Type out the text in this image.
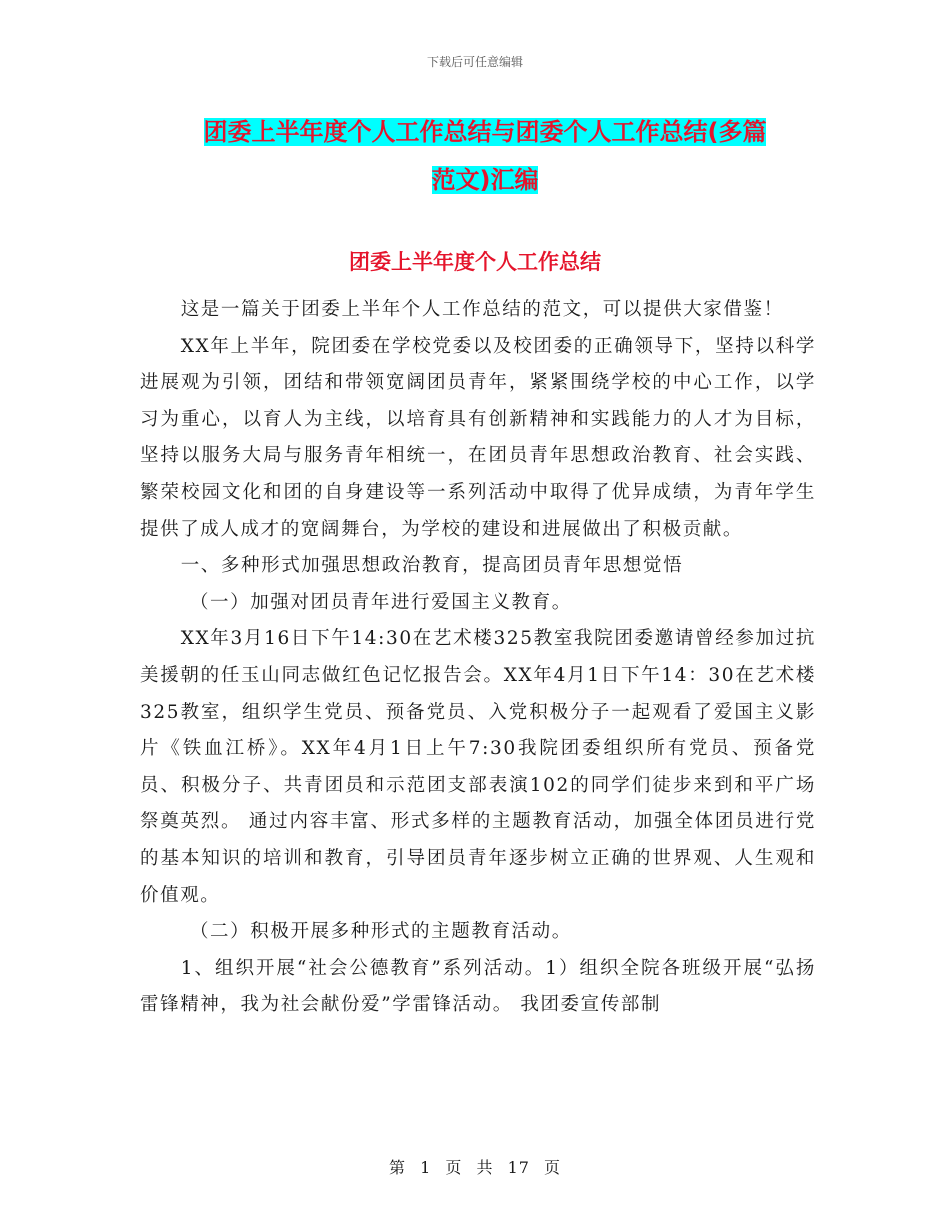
下载后可任意编辑
团委上半年度个人工作总结与团委个人工作总结(多篇
范文)汇编
团委上半年度个人工作总结

这是一篇关于团委上半年个人工作总结的范文，可以提供大家借鉴！

XX年上半年，院团委在学校党委以及校团委的正确领导下，坚持以科学进展观为引领，团结和带领宽阔团员青年，紧紧围绕学校的中心工作，以学习为重心，以育人为主线，以培育具有创新精神和实践能力的人才为目标，坚持以服务大局与服务青年相统一，在团员青年思想政治教育、社会实践、繁荣校园文化和团的自身建设等一系列活动中取得了优异成绩，为青年学生提供了成人成才的宽阔舞台，为学校的建设和进展做出了积极贡献。

一、多种形式加强思想政治教育，提高团员青年思想觉悟

（一）加强对团员青年进行爱国主义教育。

XX年3月16日下午14:30在艺术楼325教室我院团委邀请曾经参加过抗美援朝的任玉山同志做红色记忆报告会。XX年4月1日下午14：30在艺术楼325教室，组织学生党员、预备党员、入党积极分子一起观看了爱国主义影片《铁血江桥》。XX年4月1日上午7:30我院团委组织所有党员、预备党员、积极分子、共青团员和示范团支部表演102的同学们徒步来到和平广场祭奠英烈。 通过内容丰富、形式多样的主题教育活动，加强全体团员进行党的基本知识的培训和教育，引导团员青年逐步树立正确的世界观、人生观和价值观。

（二）积极开展多种形式的主题教育活动。

1、组织开展“社会公德教育”系列活动。1）组织全院各班级开展“弘扬雷锋精神，我为社会献份爱”学雷锋活动。 我团委宣传部制

第 1 页 共 17 页
